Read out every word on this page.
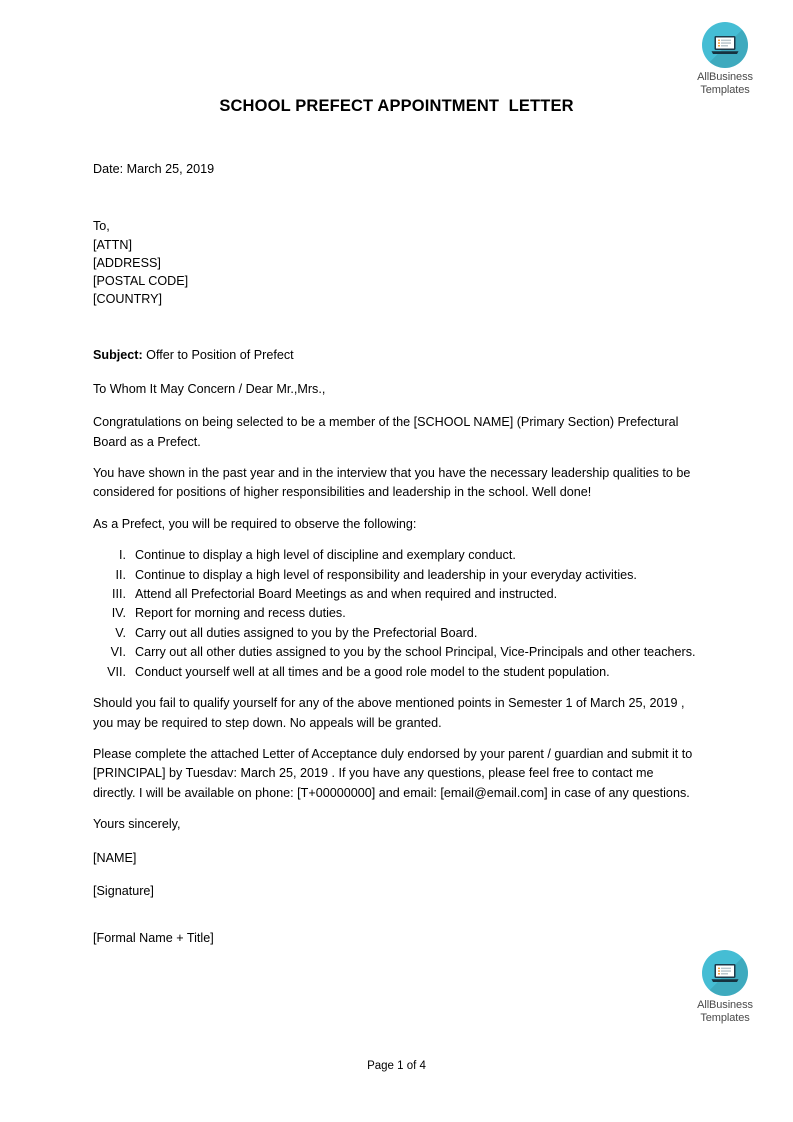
AllBusiness
Templates
SCHOOL PREFECT APPOINTMENT  LETTER
Date: March 25, 2019
To,
[ATTN]
[ADDRESS]
[POSTAL CODE]
[COUNTRY]

Subject: Offer to Position of Prefect

To Whom It May Concern / Dear Mr.,Mrs.,

Congratulations on being selected to be a member of the [SCHOOL NAME] (Primary Section) Prefectural Board as a Prefect.

You have shown in the past year and in the interview that you have the necessary leadership qualities to be considered for positions of higher responsibilities and leadership in the school. Well done!

As a Prefect, you will be required to observe the following:

I. Continue to display a high level of discipline and exemplary conduct.
II. Continue to display a high level of responsibility and leadership in your everyday activities.
III. Attend all Prefectorial Board Meetings as and when required and instructed.
IV. Report for morning and recess duties.
V. Carry out all duties assigned to you by the Prefectorial Board.
VI. Carry out all other duties assigned to you by the school Principal, Vice-Principals and other teachers.
VII. Conduct yourself well at all times and be a good role model to the student population.

Should you fail to qualify yourself for any of the above mentioned points in Semester 1 of March 25, 2019 , you may be required to step down. No appeals will be granted.

Please complete the attached Letter of Acceptance duly endorsed by your parent / guardian and submit it to [PRINCIPAL] by Tuesdav: March 25, 2019 . If you have any questions, please feel free to contact me directly. I will be available on phone: [T+00000000] and email: [email@email.com] in case of any questions.

Yours sincerely,

[NAME]

[Signature]

[Formal Name + Title]

AllBusiness
Templates
Page 1 of 4
